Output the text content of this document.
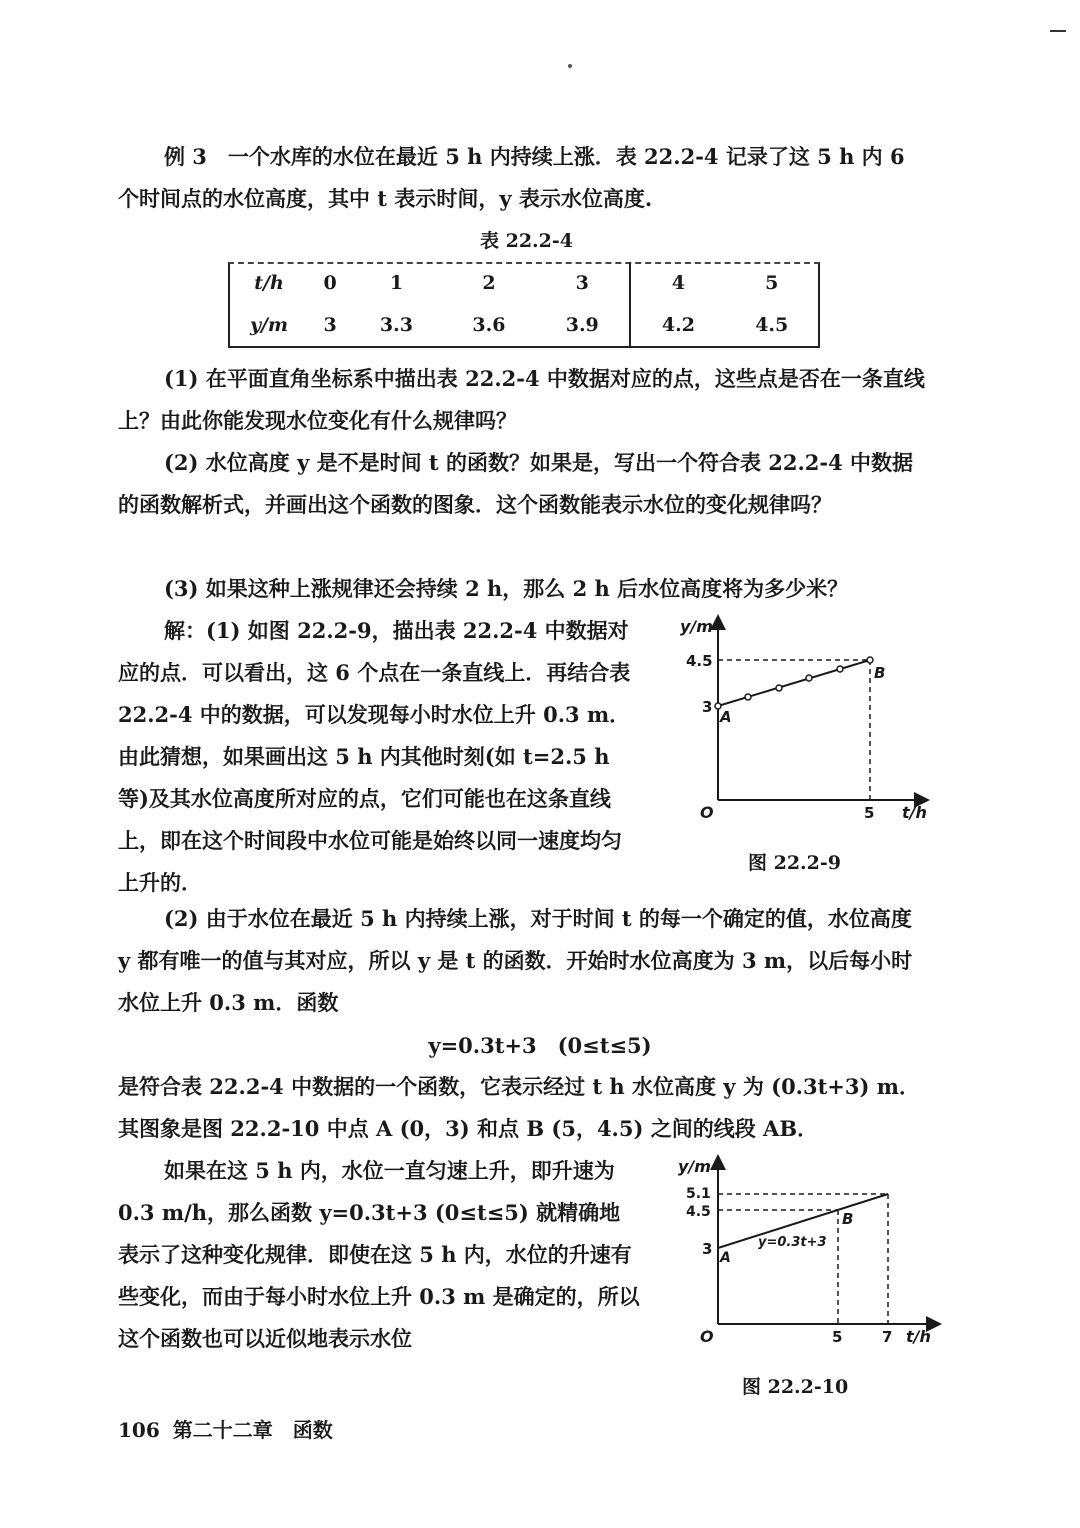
例 3　一个水库的水位在最近 5 h 内持续上涨．表 22.2-4 记录了这 5 h 内 6
个时间点的水位高度，其中 t 表示时间，y 表示水位高度.
表 22.2-4
t/h	0	1	2	3	4	5
y/m	3	3.3	3.6	3.9	4.2	4.5
(1) 在平面直角坐标系中描出表 22.2-4 中数据对应的点，这些点是否在一条直线上？由此你能发现水位变化有什么规律吗？
(2) 水位高度 y 是不是时间 t 的函数？如果是，写出一个符合表 22.2-4 中数据的函数解析式，并画出这个函数的图象．这个函数能表示水位的变化规律吗？
(3) 如果这种上涨规律还会持续 2 h，那么 2 h 后水位高度将为多少米？
解：(1) 如图 22.2-9，描出表 22.2-4 中数据对应的点．可以看出，这 6 个点在一条直线上．再结合表 22.2-4 中的数据，可以发现每小时水位上升 0.3 m．由此猜想，如果画出这 5 h 内其他时刻(如 t=2.5 h等)及其水位高度所对应的点，它们可能也在这条直线上，即在这个时间段中水位可能是始终以同一速度均匀上升的．
y/m
4.5
3
A
B
O	5 t/h
图 22.2-9
(2) 由于水位在最近 5 h 内持续上涨，对于时间 t 的每一个确定的值，水位高度 y 都有唯一的值与其对应，所以 y 是 t 的函数．开始时水位高度为 3 m，以后每小时水位上升 0.3 m．函数
y=0.3t+3　(0≤t≤5)
是符合表 22.2-4 中数据的一个函数，它表示经过 t h 水位高度 y 为 (0.3t+3) m．其图象是图 22.2-10 中点 A (0，3) 和点 B (5，4.5) 之间的线段 AB．
如果在这 5 h 内，水位一直匀速上升，即升速为 0.3 m/h，那么函数 y=0.3t+3 (0≤t≤5) 就精确地表示了这种变化规律．即使在这 5 h 内，水位的升速有些变化，而由于每小时水位上升 0.3 m 是确定的，所以这个函数也可以近似地表示水位
y/m
5.1
4.5
3 A
B
y=0.3t+3
O	5	7 t/h
图 22.2-10
106 第二十二章　函数
